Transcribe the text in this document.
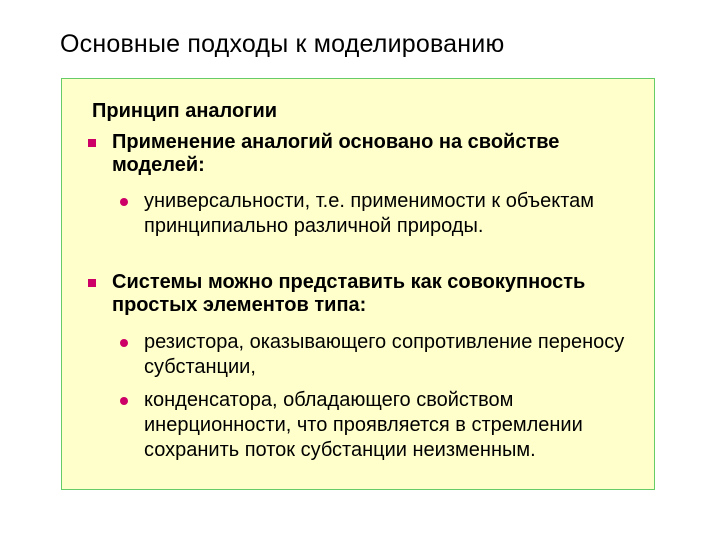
Основные подходы к моделированию
Принцип аналогии
Применение аналогий основано на свойстве моделей:
универсальности, т.е. применимости к объектам принципиально различной природы.
Системы можно представить как совокупность простых элементов типа:
резистора, оказывающего сопротивление переносу субстанции,
конденсатора, обладающего свойством инерционности, что проявляется в стремлении сохранить поток субстанции неизменным.
